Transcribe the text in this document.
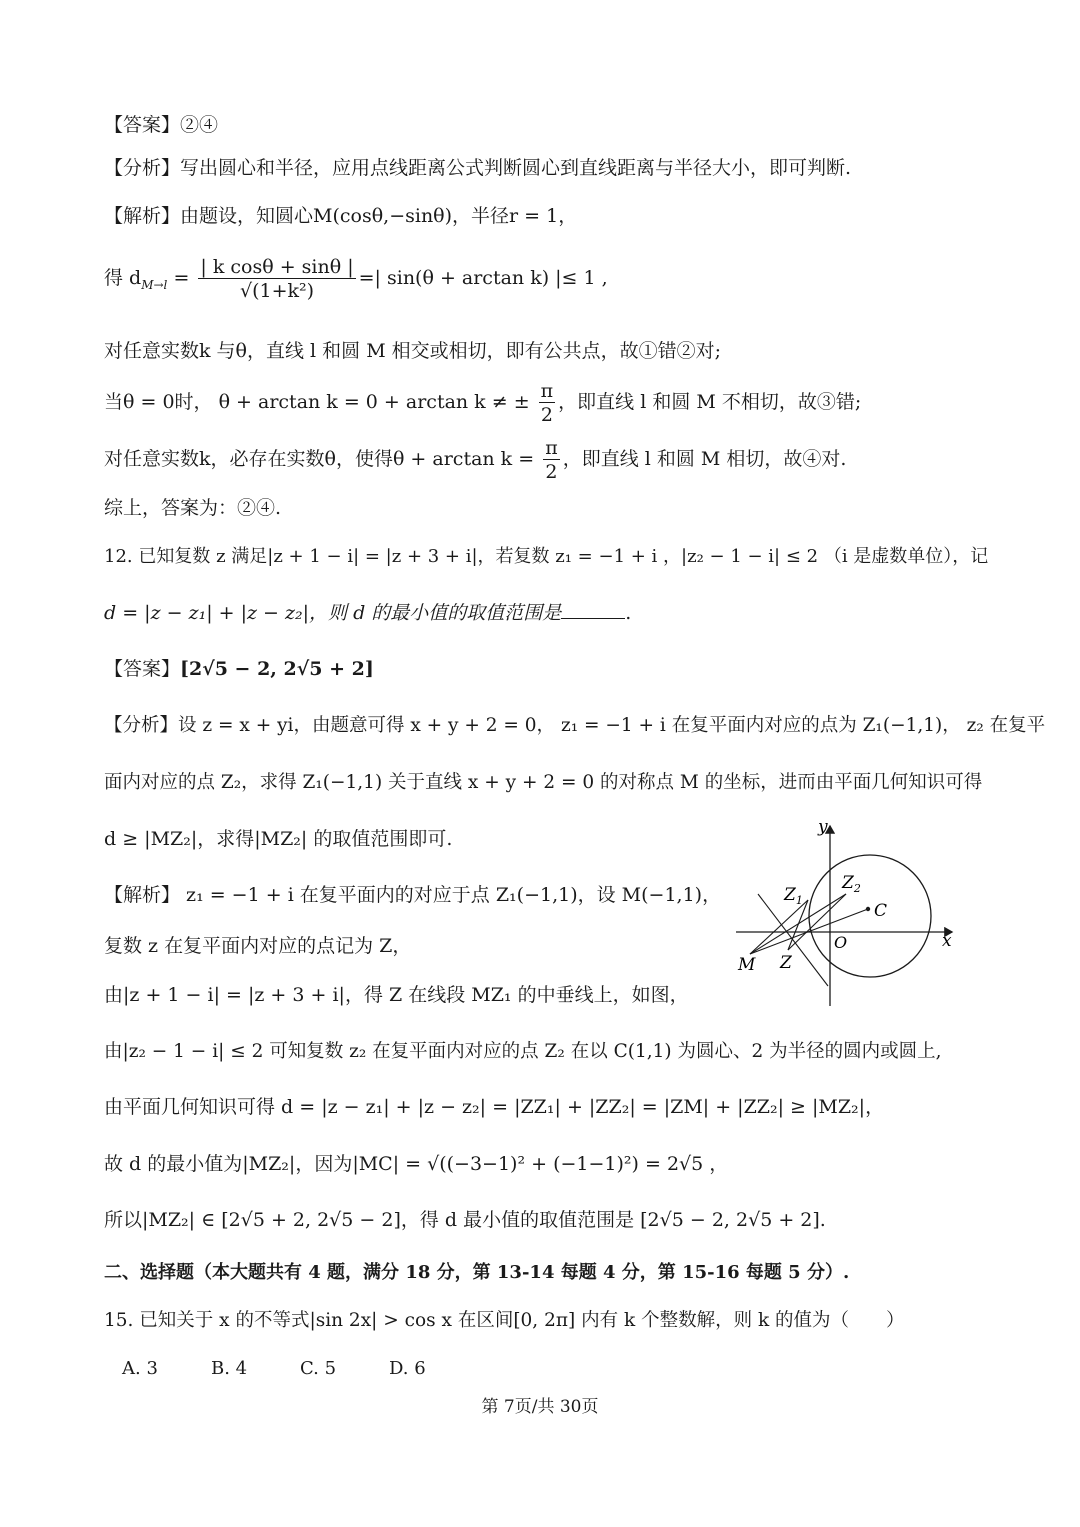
【答案】②④
【分析】写出圆心和半径，应用点线距离公式判断圆心到直线距离与半径大小，即可判断.
【解析】由题设，知圆心M(cosθ,−sinθ)，半径r = 1，
得 $d_{M\to l} = \frac{\text{| k cosθ + sinθ |}}{\text{√(1+k²)}}$ =| sin(θ + arctan k) |≤ 1 ,
对任意实数k 与θ，直线 l 和圆 M 相交或相切，即有公共点，故①错②对;
当θ = 0时， θ + arctan k = 0 + arctan k ≠ ± $\frac{\pi}{2}$ ，即直线 l 和圆 M 不相切，故③错;
对任意实数k，必存在实数θ，使得$\theta + \arctan k = \frac{\pi}{2}$ ，即直线 l 和圆 M 相切，故④对.
综上，答案为：②④.
12. 已知复数 z 满足|z + 1 − i| = |z + 3 + i|，若复数 z₁ = −1 + i ，|z₂ − 1 − i| ≤ 2 （i 是虚数单位），记
d = |z − z₁| + |z − z₂|，则 d 的最小值的取值范围是	.
【答案】[2√5 − 2, 2√5 + 2]
【分析】设 z = x + yi，由题意可得 x + y + 2 = 0， z₁ = −1 + i 在复平面内对应的点为 Z₁(−1,1)， z₂ 在复平
面内对应的点 Z₂，求得 Z₁(−1,1) 关于直线 x + y + 2 = 0 的对称点 M 的坐标，进而由平面几何知识可得
d ≥ |MZ₂|，求得|MZ₂| 的取值范围即可.
【解析】 z₁ = −1 + i 在复平面内的对应于点 Z₁(−1,1)，设 M(−1,1)，
复数 z 在复平面内对应的点记为 Z，
由|z + 1 − i| = |z + 3 + i|，得 Z 在线段 MZ₁ 的中垂线上，如图，
由|z₂ − 1 − i| ≤ 2 可知复数 z₂ 在复平面内对应的点 Z₂ 在以 C(1,1) 为圆心、2 为半径的圆内或圆上,
由平面几何知识可得 d = |z − z₁| + |z − z₂| = |ZZ₁| + |ZZ₂| = |ZM| + |ZZ₂| ≥ |MZ₂|，
故 d 的最小值为|MZ₂|，因为|MC| = √((−3−1)² + (−1−1)²) = 2√5 ，
所以|MZ₂| ∈ [2√5 + 2, 2√5 − 2]，得 d 最小值的取值范围是 [2√5 − 2, 2√5 + 2].
y
x
O
C
$Z_1$
$Z_2$
M Z
二、选择题（本大题共有 4 题，满分 18 分，第 13-14 每题 4 分，第 15-16 每题 5 分）.
15. 已知关于 x 的不等式|sin 2x| > cos x 在区间[0, 2π] 内有 k 个整数解，则 k 的值为（　　）
A. 3	B. 4	C. 5	D. 6
第 7页/共 30页
